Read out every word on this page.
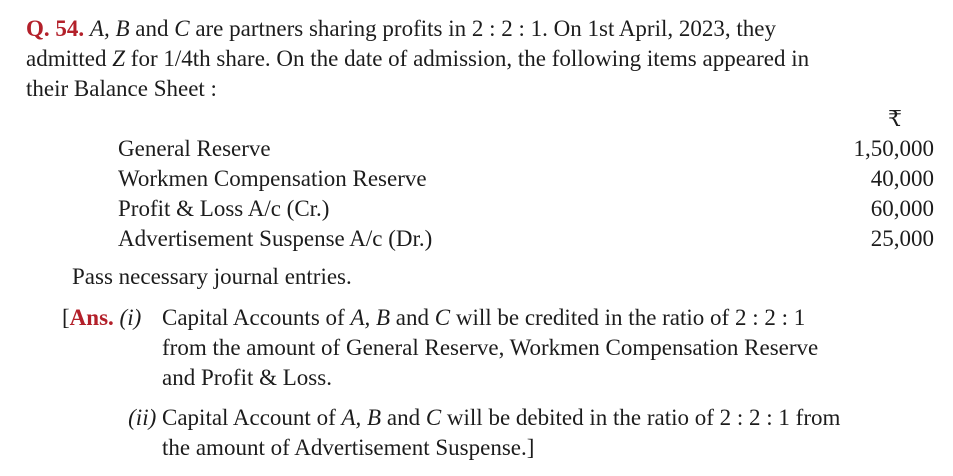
Q. 54. A, B and C are partners sharing profits in 2 : 2 : 1. On 1st April, 2023, they
admitted Z for 1/4th share. On the date of admission, the following items appeared in
their Balance Sheet :
₹
General Reserve	1,50,000
Workmen Compensation Reserve	40,000
Profit & Loss A/c (Cr.)	60,000
Advertisement Suspense A/c (Dr.)	25,000
Pass necessary journal entries.
[Ans. (i) Capital Accounts of A, B and C will be credited in the ratio of 2 : 2 : 1
from the amount of General Reserve, Workmen Compensation Reserve
and Profit & Loss.
(ii) Capital Account of A, B and C will be debited in the ratio of 2 : 2 : 1 from
the amount of Advertisement Suspense.]
